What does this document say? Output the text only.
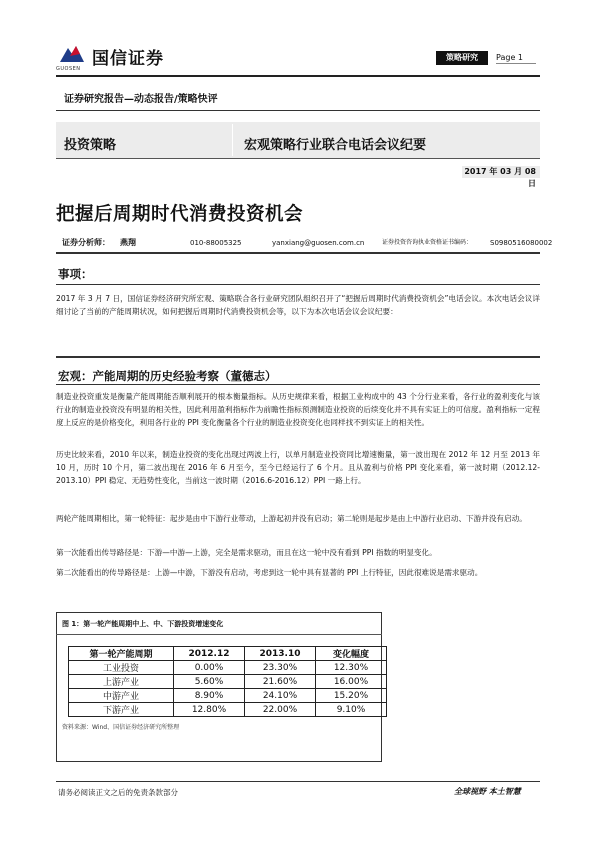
国信证券
GUOSEN
策略研究	Page 1
证券研究报告—动态报告/策略快评
投资策略	宏观策略行业联合电话会议纪要
2017 年 03 月 08 日
把握后周期时代消费投资机会
证券分析师： 燕翔	010-88005325	yanxiang@guosen.com.cn	证券投资咨询执业资格证书编码：	S0980516080002
事项：
2017 年 3 月 7 日，国信证券经济研究所宏观、策略联合各行业研究团队组织召开了“把握后周期时代消费投资机会”电话会议。本次电话会议详细讨论了当前的产能周期状况，如何把握后周期时代消费投资机会等，以下为本次电话会议会议纪要：
宏观：产能周期的历史经验考察（董德志）
制造业投资重发是衡量产能周期能否顺利展开的根本衡量指标。从历史规律来看，根据工业构成中的 43 个分行业来看，各行业的盈利变化与该行业的制造业投资没有明显的相关性，因此利用盈利指标作为前瞻性指标预测制造业投资的后续变化并不具有实证上的可信度。盈利指标一定程度上反应的是价格变化，利用各行业的 PPI 变化衡量各个行业的制造业投资变化也同样找不到实证上的相关性。
历史比较来看，2010 年以来，制造业投资的变化出现过两波上行，以单月制造业投资同比增速衡量，第一波出现在 2012 年 12 月至 2013 年 10 月，历时 10 个月，第二波出现在 2016 年 6 月至今，至今已经运行了 6 个月。且从盈利与价格 PPI 变化来看，第一波时期（2012.12-2013.10）PPI 稳定、无趋势性变化，当前这一波时期（2016.6-2016.12）PPI 一路上行。
两轮产能周期相比，第一轮特征：起步是由中下游行业带动，上游起初并没有启动；第二轮则是起步是由上中游行业启动、下游并没有启动。
第一次能看出传导路径是：下游—中游—上游，完全是需求驱动，而且在这一轮中没有看到 PPI 指数的明显变化。
第二次能看出的传导路径是：上游—中游，下游没有启动，考虑到这一轮中具有显著的 PPI 上行特征，因此很难说是需求驱动。
图 1：第一轮产能周期中上、中、下游投资增速变化
第一轮产能周期	2012.12	2013.10	变化幅度
工业投资	0.00%	23.30%	12.30%
上游产业	5.60%	21.60%	16.00%
中游产业	8.90%	24.10%	15.20%
下游产业	12.80%	22.00%	9.10%
资料来源：Wind、国信证券经济研究所整理
请务必阅读正文之后的免责条款部分	全球视野 本土智慧
